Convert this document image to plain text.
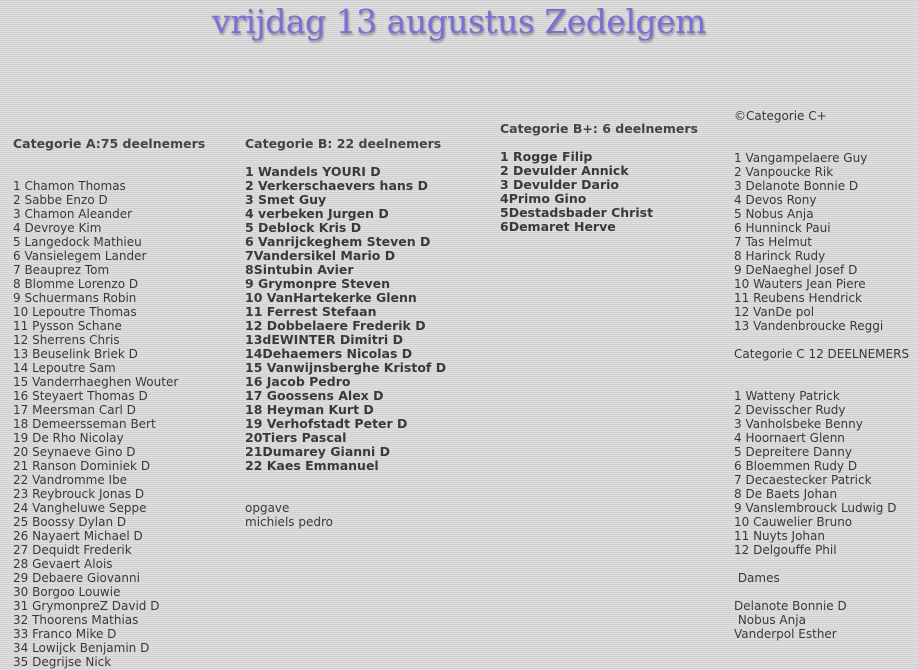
vrijdag 13 augustus Zedelgem
Categorie A:75 deelnemers
1 Chamon Thomas
2 Sabbe Enzo D
3 Chamon Aleander
4 Devroye Kim
5 Langedock Mathieu
6 Vansielegem Lander
7 Beauprez Tom
8 Blomme Lorenzo D
9 Schuermans Robin
10 Lepoutre Thomas
11 Pysson Schane
12 Sherrens Chris
13 Beuselink Briek D
14 Lepoutre Sam
15 Vanderrhaeghen Wouter
16 Steyaert Thomas D
17 Meersman Carl D
18 Demeersseman Bert
19 De Rho Nicolay
20 Seynaeve Gino D
21 Ranson Dominiek D
22 Vandromme Ibe
23 Reybrouck Jonas D
24 Vangheluwe Seppe
25 Boossy Dylan D
26 Nayaert Michael D
27 Dequidt Frederik
28 Gevaert Alois
29 Debaere Giovanni
30 Borgoo Louwie
31 GrymonpreZ David D
32 Thoorens Mathias
33 Franco Mike D
34 Lowijck Benjamin D
35 Degrijse Nick
Categorie B: 22 deelnemers
1 Wandels YOURI D
2 Verkerschaevers hans D
3 Smet Guy
4 verbeken Jurgen D
5 Deblock Kris D
6 Vanrijckeghem Steven D
7Vandersikel Mario D
8Sintubin Avier
9 Grymonpre Steven
10 VanHartekerke Glenn
11 Ferrest Stefaan
12 Dobbelaere Frederik D
13dEWINTER Dimitri D
14Dehaemers Nicolas D
15 Vanwijnsberghe Kristof D
16 Jacob Pedro
17 Goossens Alex D
18 Heyman Kurt D
19 Verhofstadt Peter D
20Tiers Pascal
21Dumarey Gianni D
22 Kaes Emmanuel
opgave
michiels pedro
Categorie B+: 6 deelnemers
1 Rogge Filip
2 Devulder Annick
3 Devulder Dario
4Primo Gino
5Destadsbader Christ
6Demaret Herve
©Categorie C+
1 Vangampelaere Guy
2 Vanpoucke Rik
3 Delanote Bonnie D
4 Devos Rony
5 Nobus Anja
6 Hunninck Paui
7 Tas Helmut
8 Harinck Rudy
9 DeNaeghel Josef D
10 Wauters Jean Piere
11 Reubens Hendrick
12 VanDe pol
13 Vandenbroucke Reggi
Categorie C 12 DEELNEMERS
1 Watteny Patrick
2 Devisscher Rudy
3 Vanholsbeke Benny
4 Hoornaert Glenn
5 Depreitere Danny
6 Bloemmen Rudy D
7 Decaestecker Patrick
8 De Baets Johan
9 Vanslembrouck Ludwig D
10 Cauwelier Bruno
11 Nuyts Johan
12 Delgouffe Phil
Dames
Delanote Bonnie D
Nobus Anja
Vanderpol Esther
